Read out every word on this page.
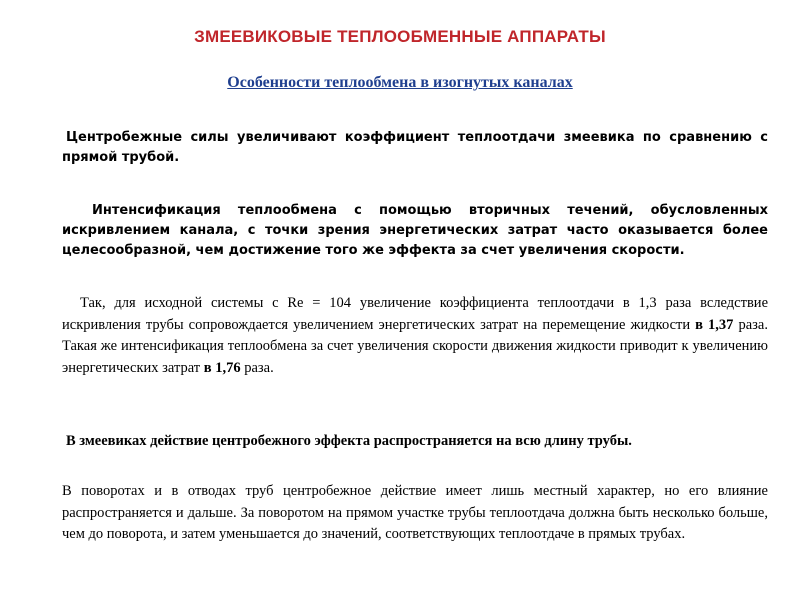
ЗМЕЕВИКОВЫЕ ТЕПЛООБМЕННЫЕ АППАРАТЫ
Особенности теплообмена в изогнутых каналах

Центробежные силы увеличивают коэффициент теплоотдачи змеевика по сравнению с прямой трубой.

Интенсификация теплообмена с помощью вторичных течений, обусловленных искривлением канала, с точки зрения энергетических затрат часто оказывается более целесообразной, чем достижение того же эффекта за счет увеличения скорости.

Так, для исходной системы с Re = 104 увеличение коэффициента теплоотдачи в 1,3 раза вследствие искривления трубы сопровождается увеличением энергетических затрат на перемещение жидкости в 1,37 раза. Такая же интенсификация теплообмена за счет увеличения скорости движения жидкости приводит к увеличению энергетических затрат в 1,76 раза.

В змеевиках действие центробежного эффекта распространяется на всю длину трубы.

В поворотах и в отводах труб центробежное действие имеет лишь местный характер, но его влияние распространяется и дальше. За поворотом на прямом участке трубы теплоотдача должна быть несколько больше, чем до поворота, и затем уменьшается до значений, соответствующих теплоотдаче в прямых трубах.
